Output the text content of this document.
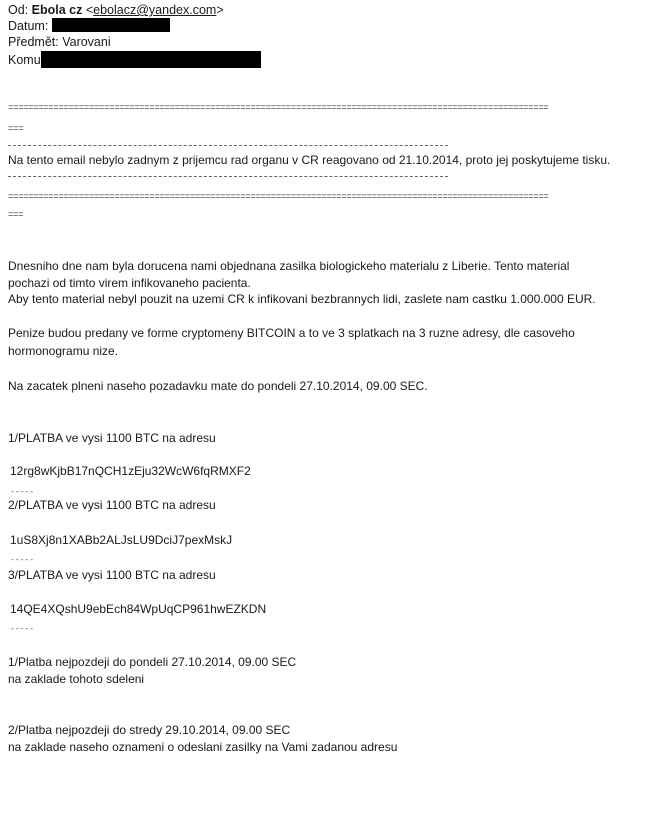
Od: Ebola cz <ebolacz@yandex.com>
Datum:
Předmět: Varovani
Komu
===========================================================================================================
===
Na tento email nebylo zadnym z prijemcu rad organu v CR reagovano od 21.10.2014, proto jej poskytujeme tisku.
===========================================================================================================
===
Dnesniho dne nam byla dorucena nami objednana zasilka biologickeho materialu z Liberie. Tento material
pochazi od timto virem infikovaneho pacienta.
Aby tento material nebyl pouzit na uzemi CR k infikovani bezbrannych lidi, zaslete nam castku 1.000.000 EUR.
Penize budou predany ve forme cryptomeny BITCOIN a to ve 3 splatkach na 3 ruzne adresy, dle casoveho
hormonogramu nize.
Na zacatek plneni naseho pozadavku mate do pondeli 27.10.2014, 09.00 SEC.
1/PLATBA ve vysi 1100 BTC na adresu
12rg8wKjbB17nQCH1zEju32WcW6fqRMXF2
-----
2/PLATBA ve vysi 1100 BTC na adresu
1uS8Xj8n1XABb2ALJsLU9DciJ7pexMskJ
-----
3/PLATBA ve vysi 1100 BTC na adresu
14QE4XQshU9ebEch84WpUqCP961hwEZKDN
-----
1/Platba nejpozdeji do pondeli 27.10.2014, 09.00 SEC
na zaklade tohoto sdeleni
2/Platba nejpozdeji do stredy 29.10.2014, 09.00 SEC
na zaklade naseho oznameni o odeslani zasilky na Vami zadanou adresu
